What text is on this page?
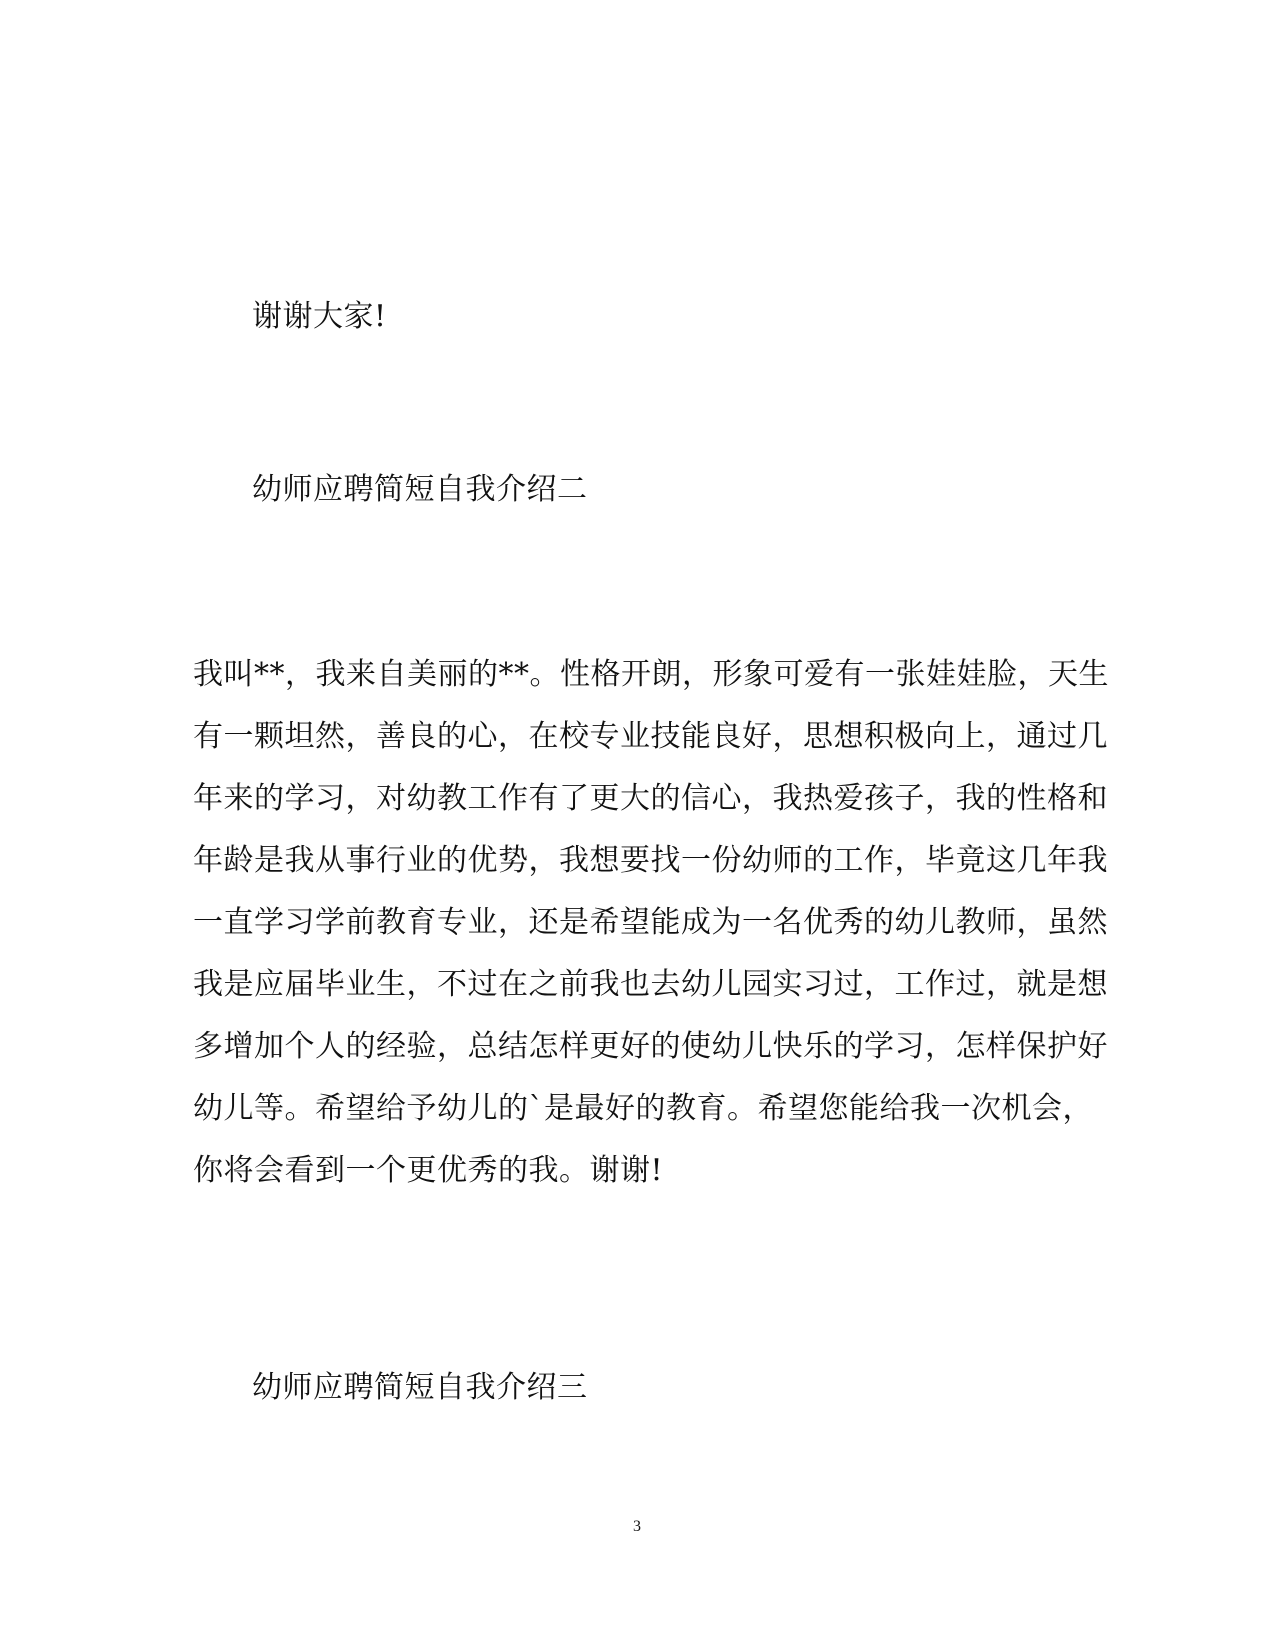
谢谢大家!
幼师应聘简短自我介绍二
我叫**，我来自美丽的**。性格开朗，形象可爱有一张娃娃脸，天生
有一颗坦然，善良的心，在校专业技能良好，思想积极向上，通过几
年来的学习，对幼教工作有了更大的信心，我热爱孩子，我的性格和
年龄是我从事行业的优势，我想要找一份幼师的工作，毕竟这几年我
一直学习学前教育专业，还是希望能成为一名优秀的幼儿教师，虽然
我是应届毕业生，不过在之前我也去幼儿园实习过，工作过，就是想
多增加个人的经验，总结怎样更好的使幼儿快乐的学习，怎样保护好
幼儿等。希望给予幼儿的`是最好的教育。希望您能给我一次机会，
你将会看到一个更优秀的我。谢谢!
幼师应聘简短自我介绍三
3
